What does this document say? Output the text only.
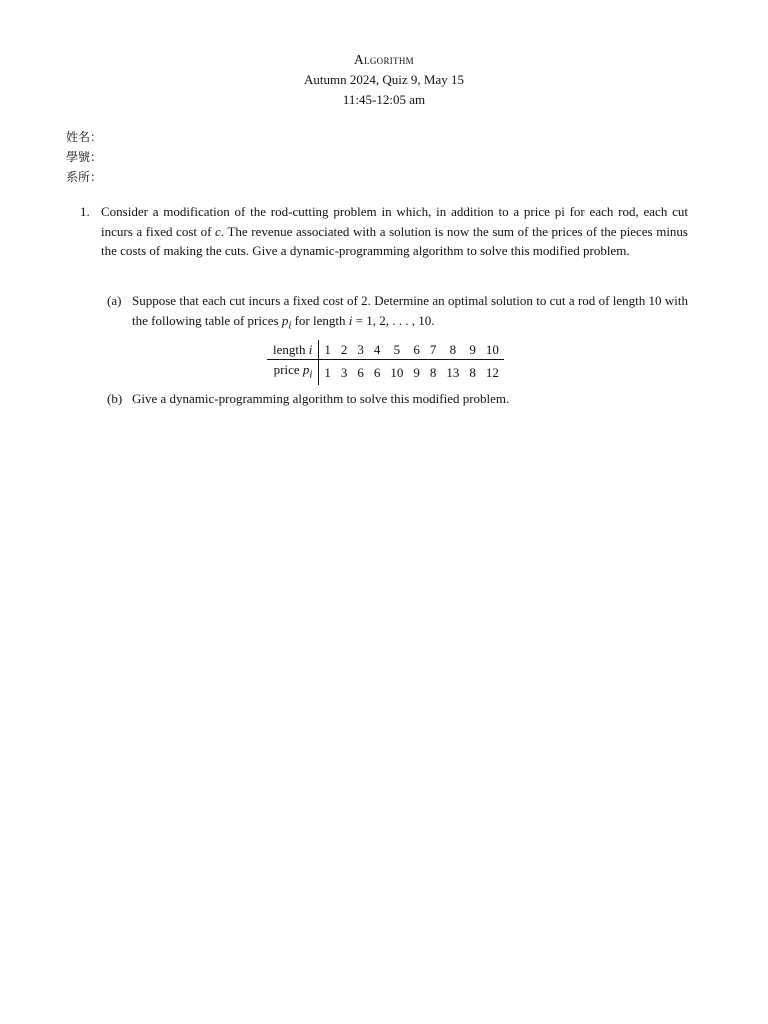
Algorithm
Autumn 2024, Quiz 9, May 15
11:45-12:05 am
姓名：
學號：
系所：
1. Consider a modification of the rod-cutting problem in which, in addition to a price pi for each rod, each cut incurs a fixed cost of c. The revenue associated with a solution is now the sum of the prices of the pieces minus the costs of making the cuts. Give a dynamic-programming algorithm to solve this modified problem.
(a) Suppose that each cut incurs a fixed cost of 2. Determine an optimal solution to cut a rod of length 10 with the following table of prices $p_i$ for length i = 1, 2, . . . , 10.
length i	1	2	3	4	5	6	7	8	9	10
price $p_i$	1	3	6	6	10	9	8	13	8	12
(b) Give a dynamic-programming algorithm to solve this modified problem.
